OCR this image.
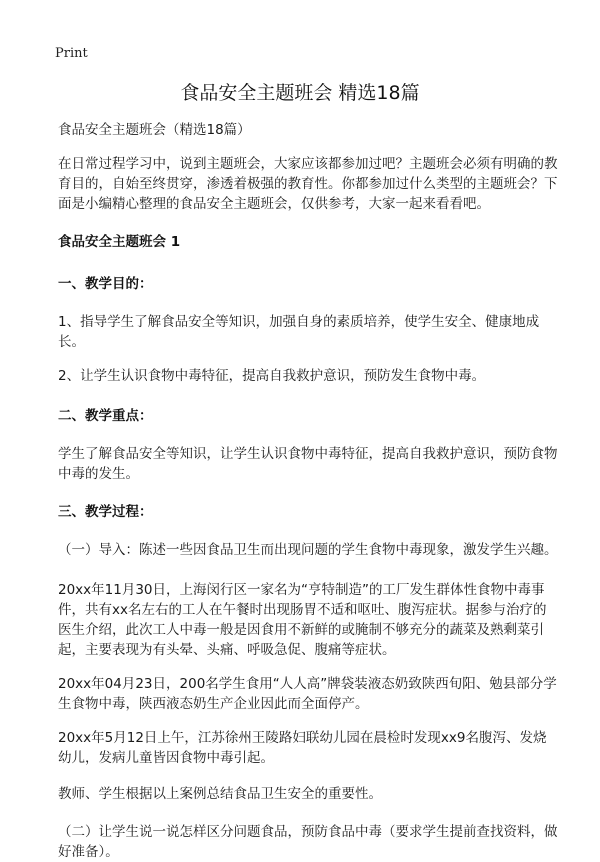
Print
食品安全主题班会 精选18篇

食品安全主题班会（精选18篇）

在日常过程学习中，说到主题班会，大家应该都参加过吧？主题班会必须有明确的教育目的，自始至终贯穿，渗透着极强的教育性。你都参加过什么类型的主题班会？下面是小编精心整理的食品安全主题班会，仅供参考，大家一起来看看吧。

食品安全主题班会 1

一、教学目的：

1、指导学生了解食品安全等知识，加强自身的素质培养，使学生安全、健康地成长。

2、让学生认识食物中毒特征，提高自我救护意识，预防发生食物中毒。

二、教学重点：

学生了解食品安全等知识，让学生认识食物中毒特征，提高自我救护意识，预防食物中毒的发生。

三、教学过程：

（一）导入：陈述一些因食品卫生而出现问题的学生食物中毒现象，激发学生兴趣。

20xx年11月30日，上海闵行区一家名为“亨特制造”的工厂发生群体性食物中毒事件，共有xx名左右的工人在午餐时出现肠胃不适和呕吐、腹泻症状。据参与治疗的医生介绍，此次工人中毒一般是因食用不新鲜的或腌制不够充分的蔬菜及熟剩菜引起，主要表现为有头晕、头痛、呼吸急促、腹痛等症状。

20xx年04月23日，200名学生食用“人人高”牌袋装液态奶致陕西旬阳、勉县部分学生食物中毒，陕西液态奶生产企业因此而全面停产。

20xx年5月12日上午，江苏徐州王陵路妇联幼儿园在晨检时发现xx9名腹泻、发烧幼儿，发病儿童皆因食物中毒引起。

教师、学生根据以上案例总结食品卫生安全的重要性。

（二）让学生说一说怎样区分问题食品，预防食品中毒（要求学生提前查找资料，做好准备）。
